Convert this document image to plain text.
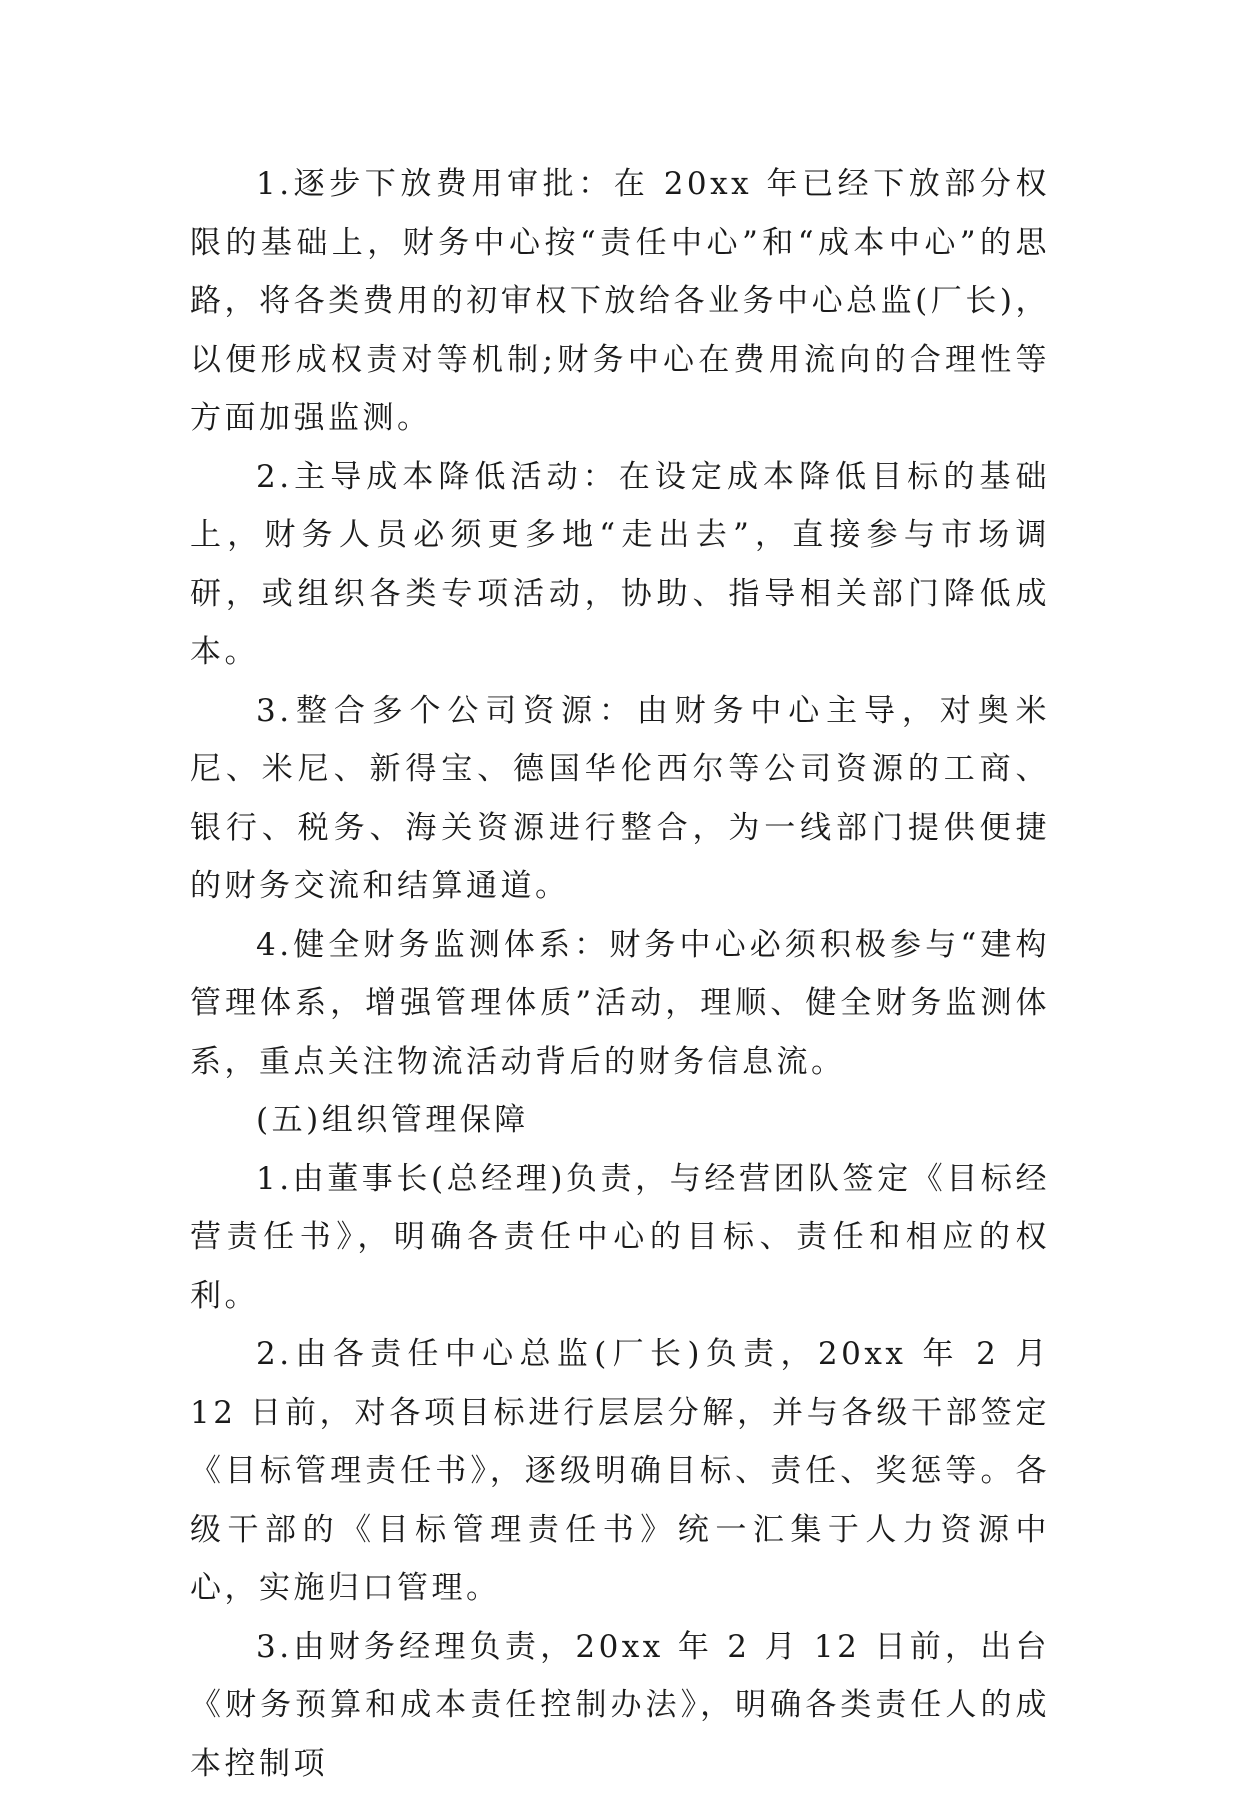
1.逐步下放费用审批：在 20xx 年已经下放部分权限的基础上，财务中心按“责任中心”和“成本中心”的思路，将各类费用的初审权下放给各业务中心总监(厂长)，以便形成权责对等机制;财务中心在费用流向的合理性等方面加强监测。

2.主导成本降低活动：在设定成本降低目标的基础上，财务人员必须更多地“走出去”，直接参与市场调研，或组织各类专项活动，协助、指导相关部门降低成本。

3.整合多个公司资源：由财务中心主导，对奥米尼、米尼、新得宝、德国华伦西尔等公司资源的工商、银行、税务、海关资源进行整合，为一线部门提供便捷的财务交流和结算通道。

4.健全财务监测体系：财务中心必须积极参与“建构管理体系，增强管理体质”活动，理顺、健全财务监测体系，重点关注物流活动背后的财务信息流。

(五)组织管理保障

1.由董事长(总经理)负责，与经营团队签定《目标经营责任书》，明确各责任中心的目标、责任和相应的权利。

2.由各责任中心总监(厂长)负责，20xx 年 2 月 12 日前，对各项目标进行层层分解，并与各级干部签定《目标管理责任书》，逐级明确目标、责任、奖惩等。各级干部的《目标管理责任书》统一汇集于人力资源中心，实施归口管理。

3.由财务经理负责，20xx 年 2 月 12 日前，出台《财务预算和成本责任控制办法》，明确各类责任人的成本控制项
